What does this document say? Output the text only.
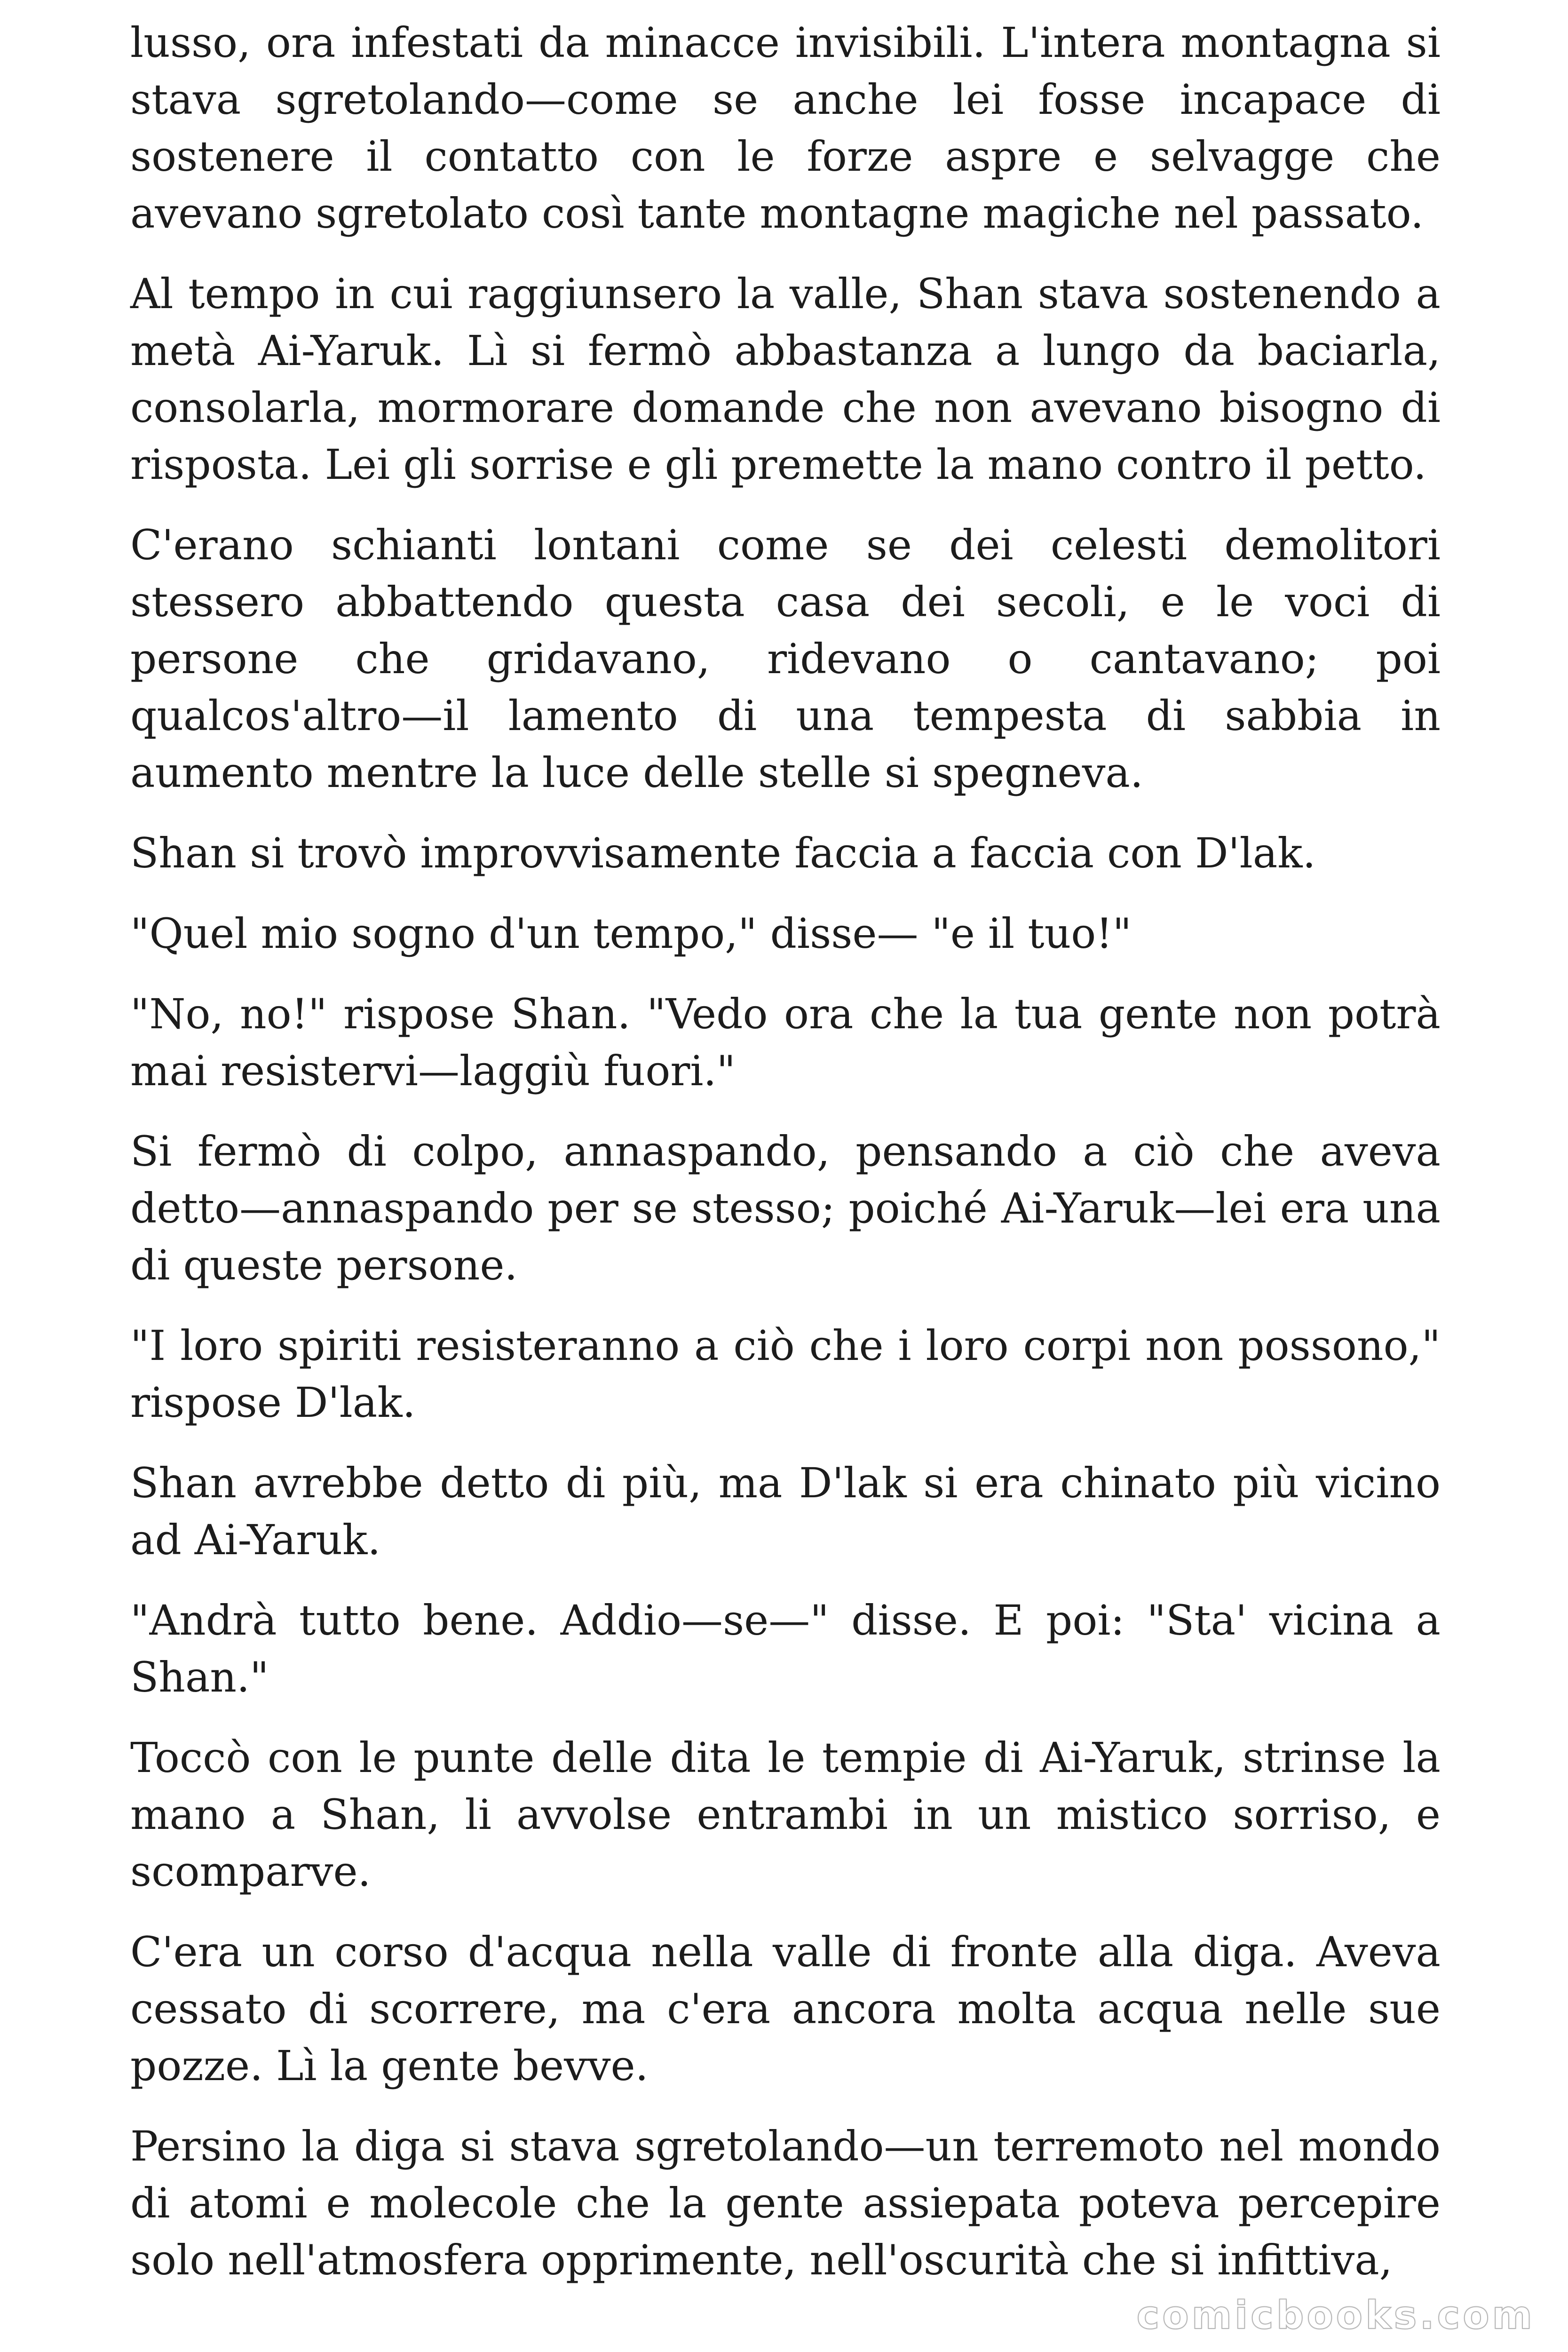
lusso, ora infestati da minacce invisibili. L'intera montagna si stava sgretolando—come se anche lei fosse incapace di sostenere il contatto con le forze aspre e selvagge che avevano sgretolato così tante montagne magiche nel passato.

Al tempo in cui raggiunsero la valle, Shan stava sostenendo a metà Ai-Yaruk. Lì si fermò abbastanza a lungo da baciarla, consolarla, mormorare domande che non avevano bisogno di risposta. Lei gli sorrise e gli premette la mano contro il petto.

C'erano schianti lontani come se dei celesti demolitori stessero abbattendo questa casa dei secoli, e le voci di persone che gridavano, ridevano o cantavano; poi qualcos'altro—il lamento di una tempesta di sabbia in aumento mentre la luce delle stelle si spegneva.

Shan si trovò improvvisamente faccia a faccia con D'lak.

"Quel mio sogno d'un tempo," disse— "e il tuo!"

"No, no!" rispose Shan. "Vedo ora che la tua gente non potrà mai resistervi—laggiù fuori."

Si fermò di colpo, annaspando, pensando a ciò che aveva detto—annaspando per se stesso; poiché Ai-Yaruk—lei era una di queste persone.

"I loro spiriti resisteranno a ciò che i loro corpi non possono," rispose D'lak.

Shan avrebbe detto di più, ma D'lak si era chinato più vicino ad Ai-Yaruk.

"Andrà tutto bene. Addio—se—" disse. E poi: "Sta' vicina a Shan."

Toccò con le punte delle dita le tempie di Ai-Yaruk, strinse la mano a Shan, li avvolse entrambi in un mistico sorriso, e scomparve.

C'era un corso d'acqua nella valle di fronte alla diga. Aveva cessato di scorrere, ma c'era ancora molta acqua nelle sue pozze. Lì la gente bevve.

Persino la diga si stava sgretolando—un terremoto nel mondo di atomi e molecole che la gente assiepata poteva percepire solo nell'atmosfera opprimente, nell'oscurità che si infittiva,

comicbooks.com
